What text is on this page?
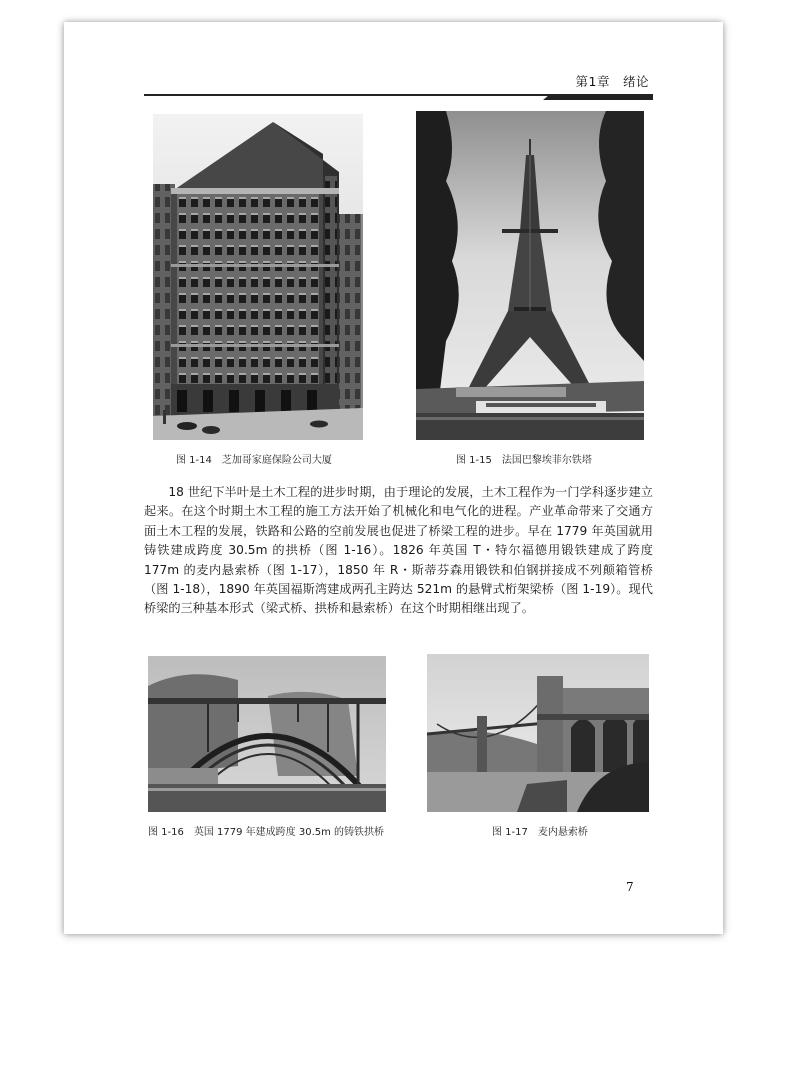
第1章　绪论
图 1-14　芝加哥家庭保险公司大厦	图 1-15　法国巴黎埃菲尔铁塔

18 世纪下半叶是土木工程的进步时期，由于理论的发展，土木工程作为一门学科逐步建立起来。在这个时期土木工程的施工方法开始了机械化和电气化的进程。产业革命带来了交通方面土木工程的发展，铁路和公路的空前发展也促进了桥梁工程的进步。早在 1779 年英国就用铸铁建成跨度 30.5m 的拱桥（图 1-16）。1826 年英国 T・特尔福德用锻铁建成了跨度 177m 的麦内悬索桥（图 1-17），1850 年 R・斯蒂芬森用锻铁和伯钢拼接成不列颠箱管桥（图 1-18），1890 年英国福斯湾建成两孔主跨达 521m 的悬臂式桁架梁桥（图 1-19）。现代桥梁的三种基本形式（梁式桥、拱桥和悬索桥）在这个时期相继出现了。

图 1-16　英国 1779 年建成跨度 30.5m 的铸铁拱桥	图 1-17　麦内悬索桥
7
